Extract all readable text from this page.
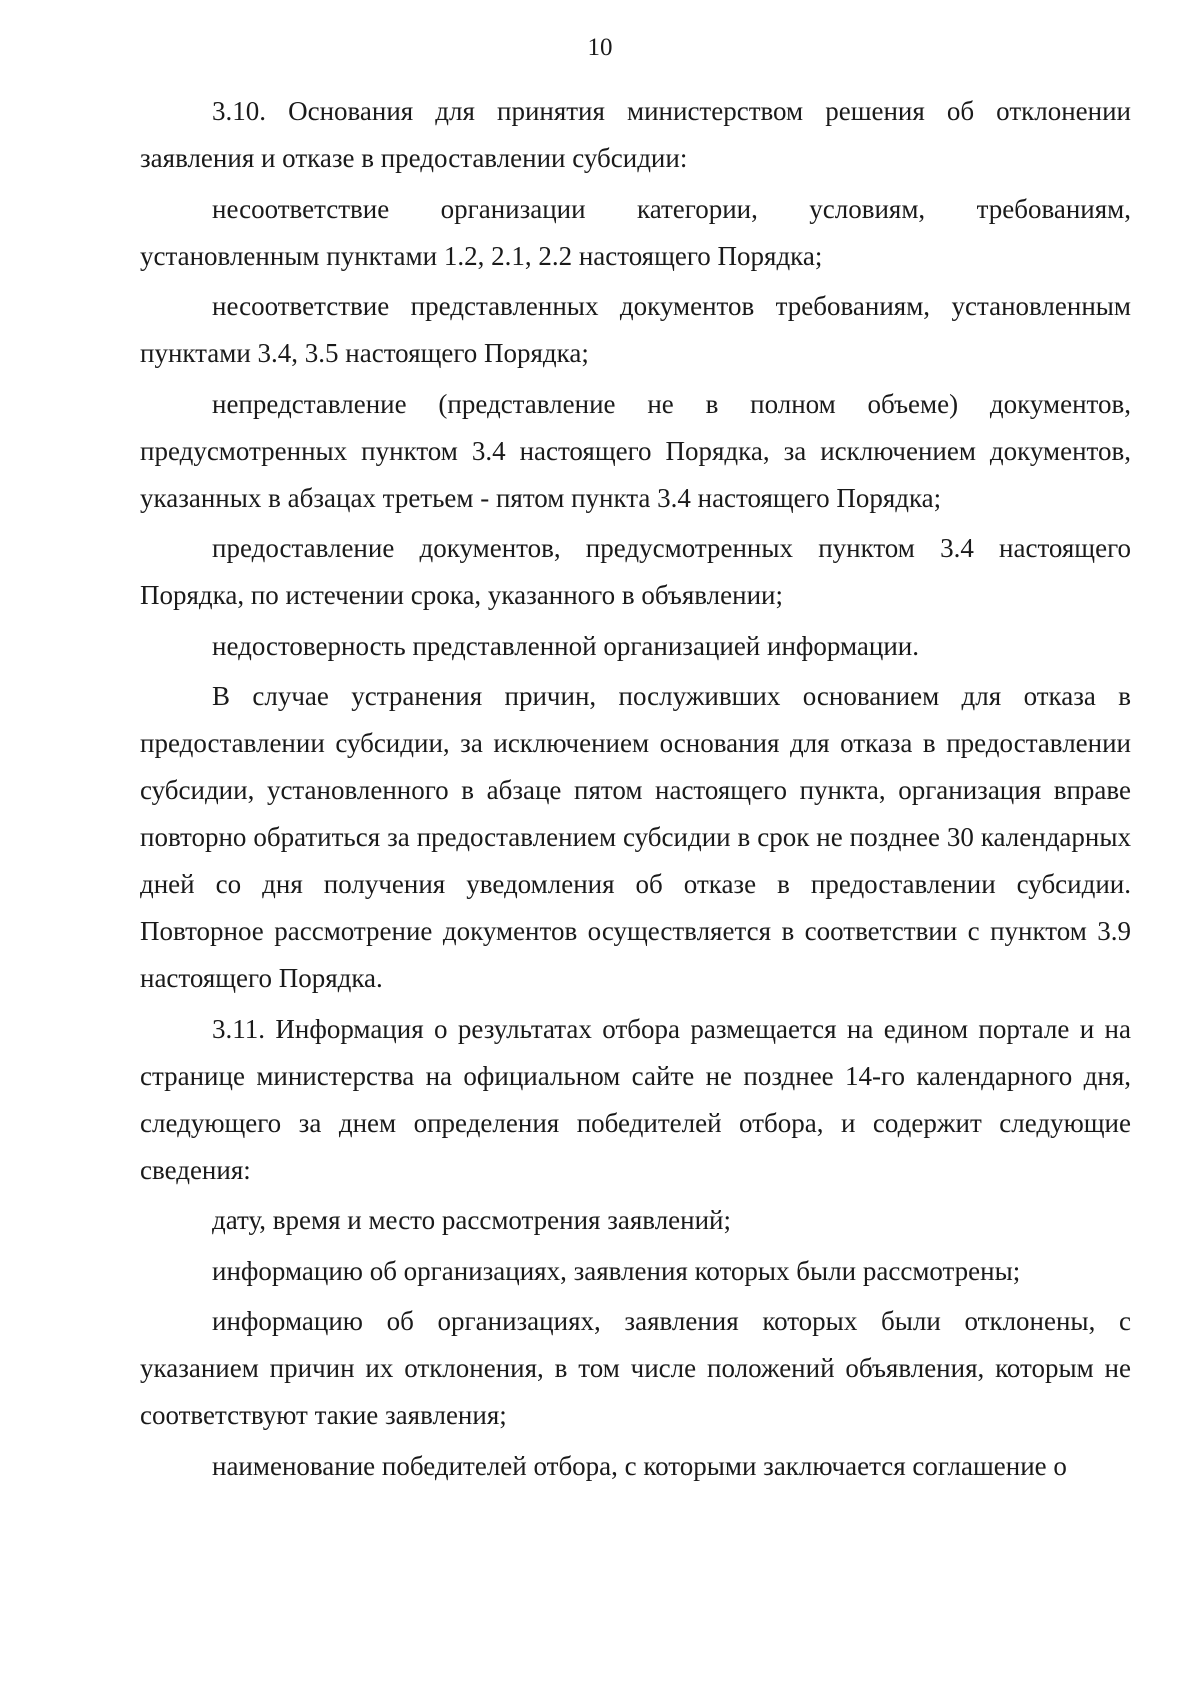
10

3.10. Основания для принятия министерством решения об отклонении заявления и отказе в предоставлении субсидии:

несоответствие организации категории, условиям, требованиям, установленным пунктами 1.2, 2.1, 2.2 настоящего Порядка;

несоответствие представленных документов требованиям, установленным пунктами 3.4, 3.5 настоящего Порядка;

непредставление (представление не в полном объеме) документов, предусмотренных пунктом 3.4 настоящего Порядка, за исключением документов, указанных в абзацах третьем - пятом пункта 3.4 настоящего Порядка;

предоставление документов, предусмотренных пунктом 3.4 настоящего Порядка, по истечении срока, указанного в объявлении;

недостоверность представленной организацией информации.

В случае устранения причин, послуживших основанием для отказа в предоставлении субсидии, за исключением основания для отказа в предоставлении субсидии, установленного в абзаце пятом настоящего пункта, организация вправе повторно обратиться за предоставлением субсидии в срок не позднее 30 календарных дней со дня получения уведомления об отказе в предоставлении субсидии. Повторное рассмотрение документов осуществляется в соответствии с пунктом 3.9 настоящего Порядка.

3.11. Информация о результатах отбора размещается на едином портале и на странице министерства на официальном сайте не позднее 14-го календарного дня, следующего за днем определения победителей отбора, и содержит следующие сведения:

дату, время и место рассмотрения заявлений;

информацию об организациях, заявления которых были рассмотрены;

информацию об организациях, заявления которых были отклонены, с указанием причин их отклонения, в том числе положений объявления, которым не соответствуют такие заявления;

наименование победителей отбора, с которыми заключается соглашение о
